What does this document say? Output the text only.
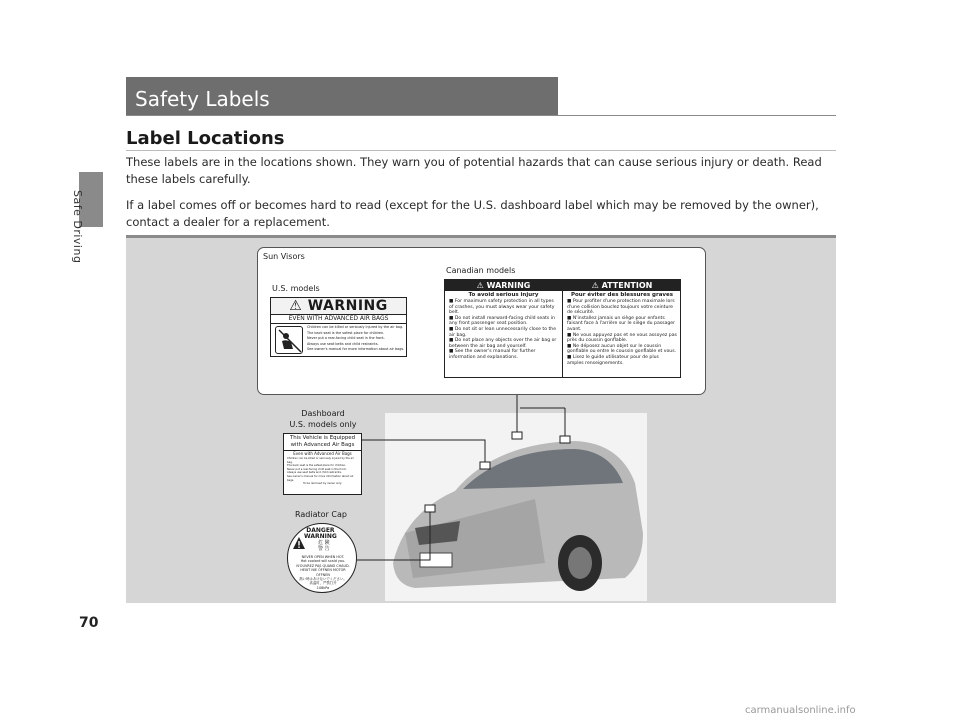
Safe Driving
Safety Labels
Label Locations

These labels are in the locations shown. They warn you of potential hazards that can cause serious injury or death. Read these labels carefully.

If a label comes off or becomes hard to read (except for the U.S. dashboard label which may be removed by the owner), contact a dealer for a replacement.

Sun Visors
U.S. models
Canadian models
⚠ WARNING
EVEN WITH ADVANCED AIR BAGS
Children can be killed or seriously injured by the air bag.
The back seat is the safest place for children.
Never put a rear-facing child seat in the front.
Always use seat belts and child restraints.
See owner's manual for more information about air bags.
⚠ WARNING
To avoid serious injury
■ For maximum safety protection in all types of crashes, you must always wear your safety belt.
■ Do not install rearward-facing child seats in any front passenger seat position.
■ Do not sit or lean unnecessarily close to the air bag.
■ Do not place any objects over the air bag or between the air bag and yourself.
■ See the owner's manual for further information and explanations.
⚠ ATTENTION
Pour éviter des blessures graves
■ Pour profiter d'une protection maximale lors d'une collision bouclez toujours votre ceinture de sécurité.
■ N'installez jamais un siège pour enfants faisant face à l'arrière sur le siège du passager avant.
■ Ne vous appuyez pas et ne vous assoyez pas près du coussin gonflable.
■ Ne déposez aucun objet sur le coussin gonflable ou entre le coussin gonflable et vous.
■ Lisez le guide utilisateur pour de plus amples renseignements.
Dashboard
U.S. models only
This Vehicle is Equipped with Advanced Air Bags
Even with Advanced Air Bags
Children can be killed or seriously injured by the air bag.
The back seat is the safest place for children.
Never put a rear-facing child seat in the front.
Always use seat belts and child restraints.
See owner's manual for more information about air bags.
To be removed by owner only.
Radiator Cap
DANGER
WARNING
危 険
警 告
NEVER OPEN WHEN HOT.
Hot coolant will scald you.
N'OUVREZ PAS QUAND CHAUD.
HEIßT NIE ÖFFNEN MOTOR OFFNEN
熱い時はあけないでください。
高温时，严禁打开
108kPa
70
carmanualsonline.info
